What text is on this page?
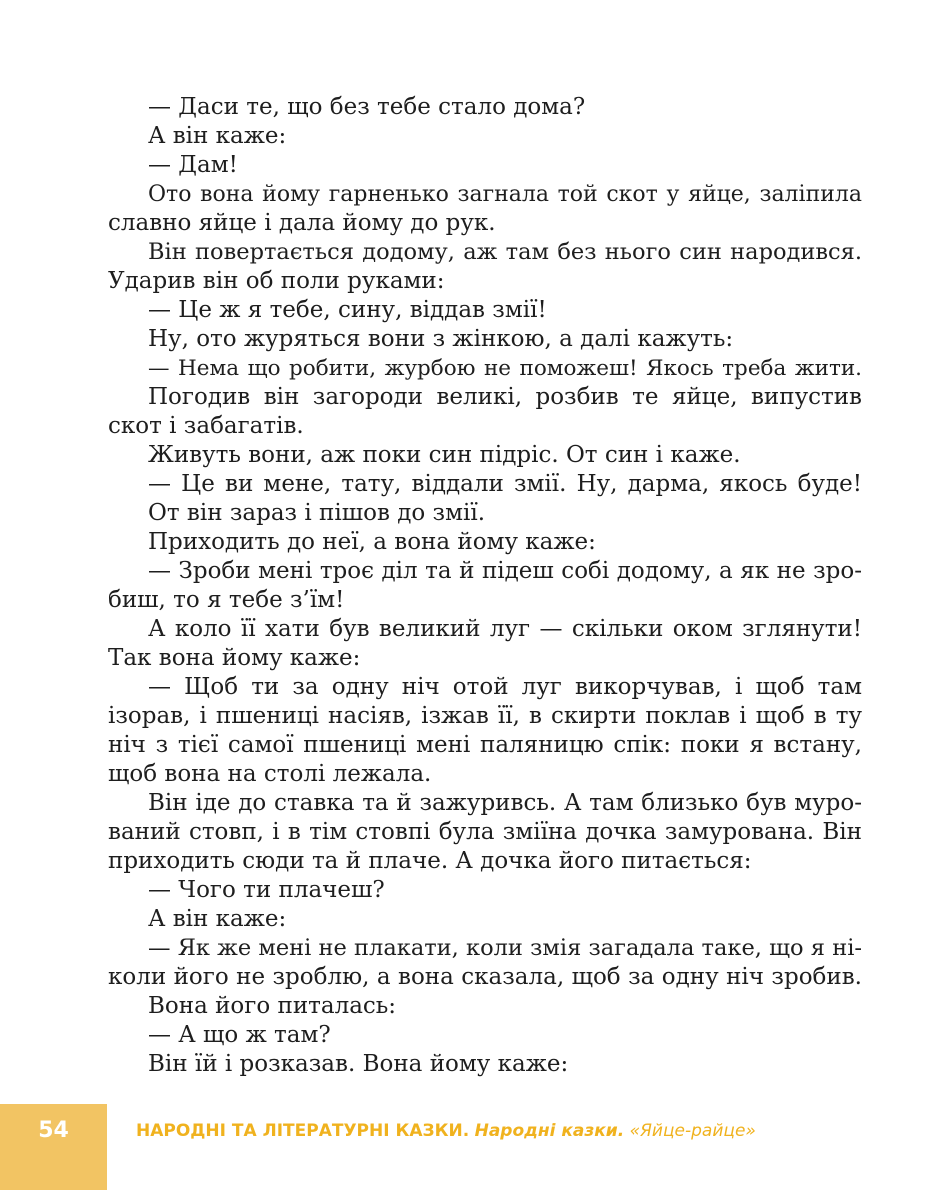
— Даси те, що без тебе стало дома?
А він каже:
— Дам!
Ото вона йому гарненько загнала той скот у яйце, заліпила
славно яйце і дала йому до рук.
Він повертається додому, аж там без нього син народився.
Ударив він об поли руками:
— Це ж я тебе, сину, віддав змії!
Ну, ото журяться вони з жінкою, а далі кажуть:
— Нема що робити, журбою не поможеш! Якось треба жити.
Погодив він загороди великі, розбив те яйце, випустив
скот і забагатів.
Живуть вони, аж поки син підріс. От син і каже.
— Це ви мене, тату, віддали змії. Ну, дарма, якось буде!
От він зараз і пішов до змії.
Приходить до неї, а вона йому каже:
— Зроби мені троє діл та й підеш собі додому, а як не зро-
биш, то я тебе з’їм!
А коло її хати був великий луг — скільки оком зглянути!
Так вона йому каже:
— Щоб ти за одну ніч отой луг викорчував, і щоб там
ізорав, і пшениці насіяв, ізжав її, в скирти поклав і щоб в ту
ніч з тієї самої пшениці мені паляницю спік: поки я встану,
щоб вона на столі лежала.
Він іде до ставка та й зажуривсь. А там близько був муро-
ваний стовп, і в тім стовпі була зміїна дочка замурована. Він
приходить сюди та й плаче. А дочка його питається:
— Чого ти плачеш?
А він каже:
— Як же мені не плакати, коли змія загадала таке, що я ні-
коли його не зроблю, а вона сказала, щоб за одну ніч зробив.
Вона його питалась:
— А що ж там?
Він їй і розказав. Вона йому каже:
54	НАРОДНІ ТА ЛІТЕРАТУРНІ КАЗКИ. Народні казки. «Яйце-райце»
